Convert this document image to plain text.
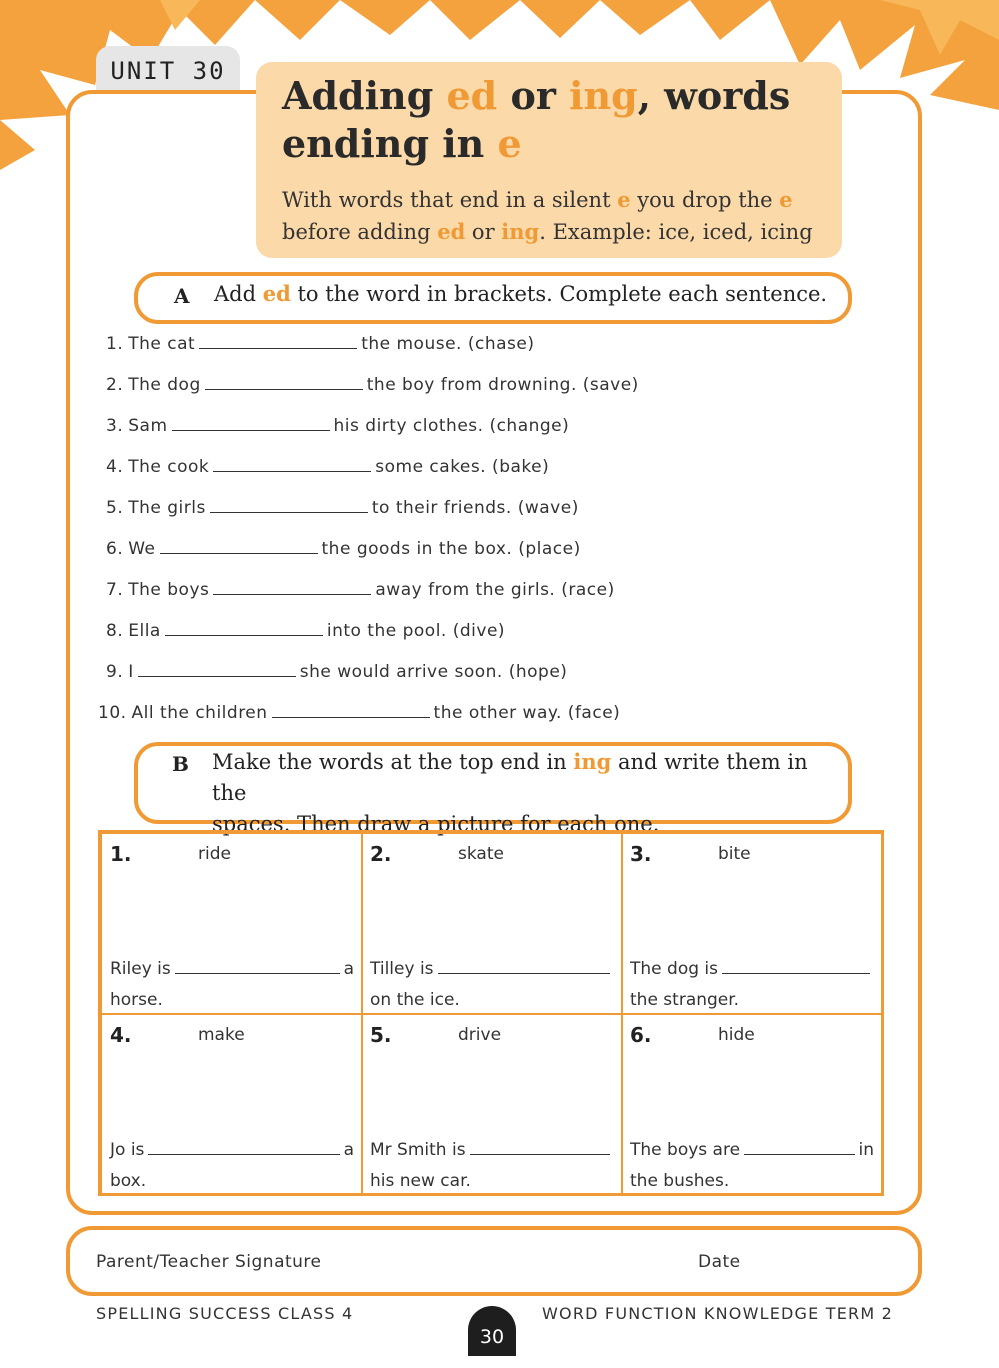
UNIT 30
Adding ed or ing, words
ending in e
With words that end in a silent e you drop the e
before adding ed or ing. Example: ice, iced, icing
A Add ed to the word in brackets. Complete each sentence.
1. The cat	the mouse. (chase)
2. The dog	the boy from drowning. (save)
3. Sam	his dirty clothes. (change)
4. The cook	some cakes. (bake)
5. The girls	to their friends. (wave)
6. We	the goods in the box. (place)
7. The boys	away from the girls. (race)
8. Ella	into the pool. (dive)
9. I	she would arrive soon. (hope)
10. All the children	the other way. (face)
B Make the words at the top end in ing and write them in the
spaces. Then draw a picture for each one.
1.	ride
Riley is	a
horse.
2.	skate
Tilley is
on the ice.
3.	bite
The dog is
the stranger.
4.	make
Jo is	a
box.
5.	drive
Mr Smith is
his new car.
6.	hide
The boys are	in
the bushes.
Parent/Teacher Signature	Date
SPELLING SUCCESS CLASS 4	WORD FUNCTION KNOWLEDGE TERM 2
30
